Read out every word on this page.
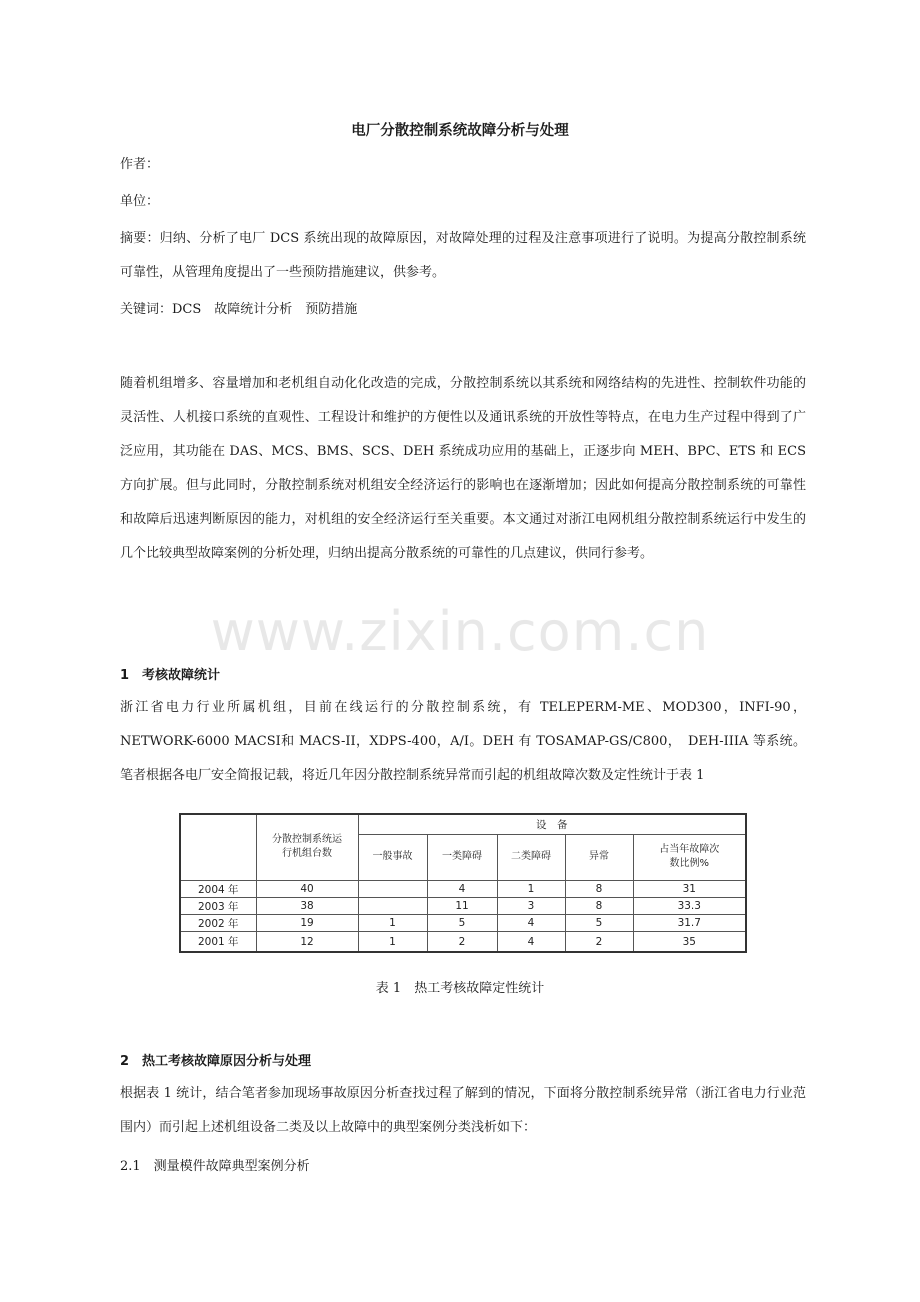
电厂分散控制系统故障分析与处理
作者：
单位：
摘要：归纳、分析了电厂 DCS 系统出现的故障原因，对故障处理的过程及注意事项进行了说明。为提高分散控制系统可靠性，从管理角度提出了一些预防措施建议，供参考。
关键词：DCS　故障统计分析　预防措施
随着机组增多、容量增加和老机组自动化化改造的完成，分散控制系统以其系统和网络结构的先进性、控制软件功能的灵活性、人机接口系统的直观性、工程设计和维护的方便性以及通讯系统的开放性等特点，在电力生产过程中得到了广泛应用，其功能在 DAS、MCS、BMS、SCS、DEH 系统成功应用的基础上，正逐步向 MEH、BPC、ETS 和 ECS 方向扩展。但与此同时，分散控制系统对机组安全经济运行的影响也在逐渐增加；因此如何提高分散控制系统的可靠性和故障后迅速判断原因的能力，对机组的安全经济运行至关重要。本文通过对浙江电网机组分散控制系统运行中发生的几个比较典型故障案例的分析处理，归纳出提高分散系统的可靠性的几点建议，供同行参考。
www.zixin.com.cn
1 考核故障统计
浙江省电力行业所属机组，目前在线运行的分散控制系统，有 TELEPERM-ME、MOD300，INFI-90，NETWORK-6000 MACSI和 MACS-II，XDPS-400，A/I。DEH 有 TOSAMAP-GS/C800，　DEH-IIIA 等系统。笔者根据各电厂安全简报记载，将近几年因分散控制系统异常而引起的机组故障次数及定性统计于表 1
	分散控制系统运行机组台数	设　备				
		一般事故	一类障碍	二类障碍	异常	占当年故障次数比例%
2004 年	40		4	1	8	31
2003 年	38		11	3	8	33.3
2002 年	19	1	5	4	5	31.7
2001 年	12	1	2	4	2	35
表 1　热工考核故障定性统计
2 热工考核故障原因分析与处理
根据表 1 统计，结合笔者参加现场事故原因分析查找过程了解到的情况，下面将分散控制系统异常（浙江省电力行业范围内）而引起上述机组设备二类及以上故障中的典型案例分类浅析如下：
2.1　测量模件故障典型案例分析
